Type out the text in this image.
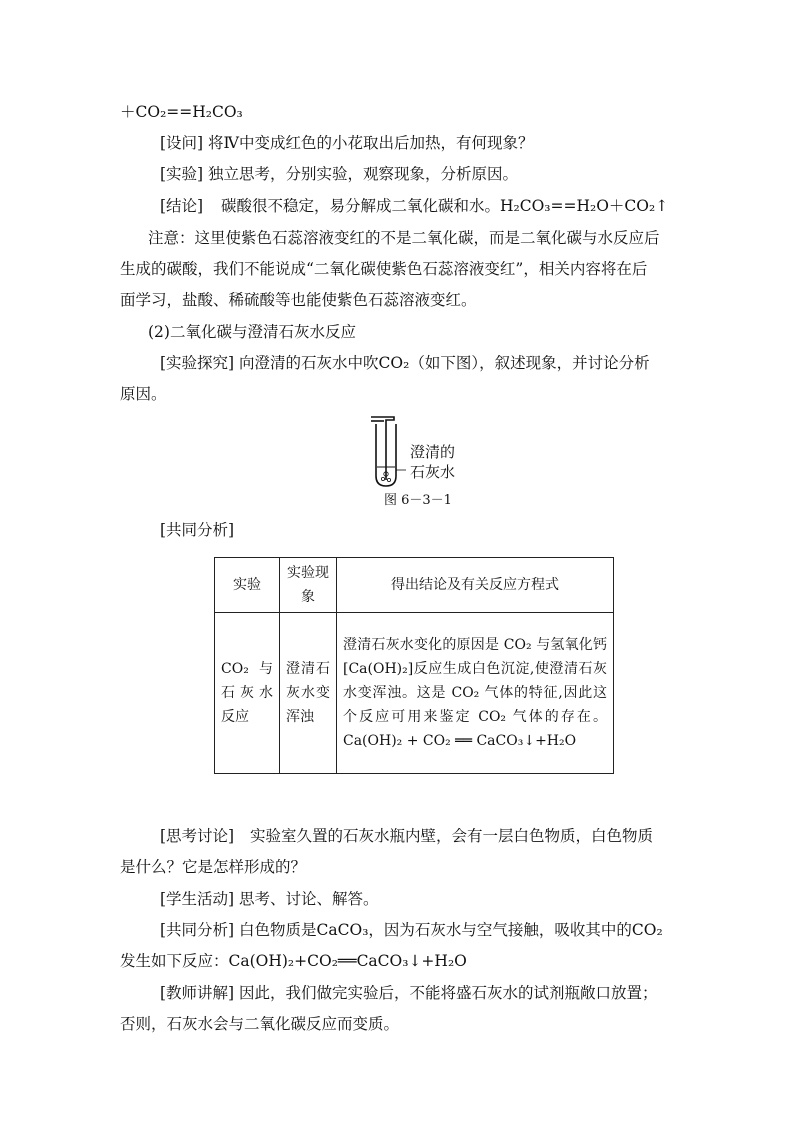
＋CO₂==H₂CO₃
[设问] 将Ⅳ中变成红色的小花取出后加热，有何现象？
[实验] 独立思考，分别实验，观察现象，分析原因。
[结论] 碳酸很不稳定，易分解成二氧化碳和水。H₂CO₃==H₂O＋CO₂↑
注意：这里使紫色石蕊溶液变红的不是二氧化碳，而是二氧化碳与水反应后
生成的碳酸，我们不能说成“二氧化碳使紫色石蕊溶液变红”，相关内容将在后
面学习，盐酸、稀硫酸等也能使紫色石蕊溶液变红。
(2)二氧化碳与澄清石灰水反应
[实验探究] 向澄清的石灰水中吹CO₂（如下图），叙述现象，并讨论分析
原因。
澄清的
石灰水
图 6－3－1
[共同分析]
实验	实验现象	得出结论及有关反应方程式
CO₂ 与石灰水反应	澄清石灰水变浑浊	澄清石灰水变化的原因是 CO₂ 与氢氧化钙[Ca(OH)₂]反应生成白色沉淀,使澄清石灰水变浑浊。这是 CO₂ 气体的特征,因此这个反应可用来鉴定 CO₂ 气体的存在。Ca(OH)₂ + CO₂ ══ CaCO₃↓+H₂O
[思考讨论] 实验室久置的石灰水瓶内壁，会有一层白色物质，白色物质
是什么？它是怎样形成的？
[学生活动] 思考、讨论、解答。
[共同分析] 白色物质是CaCO₃，因为石灰水与空气接触，吸收其中的CO₂
发生如下反应：Ca(OH)₂+CO₂══CaCO₃↓+H₂O
[教师讲解] 因此，我们做完实验后，不能将盛石灰水的试剂瓶敞口放置；
否则，石灰水会与二氧化碳反应而变质。
